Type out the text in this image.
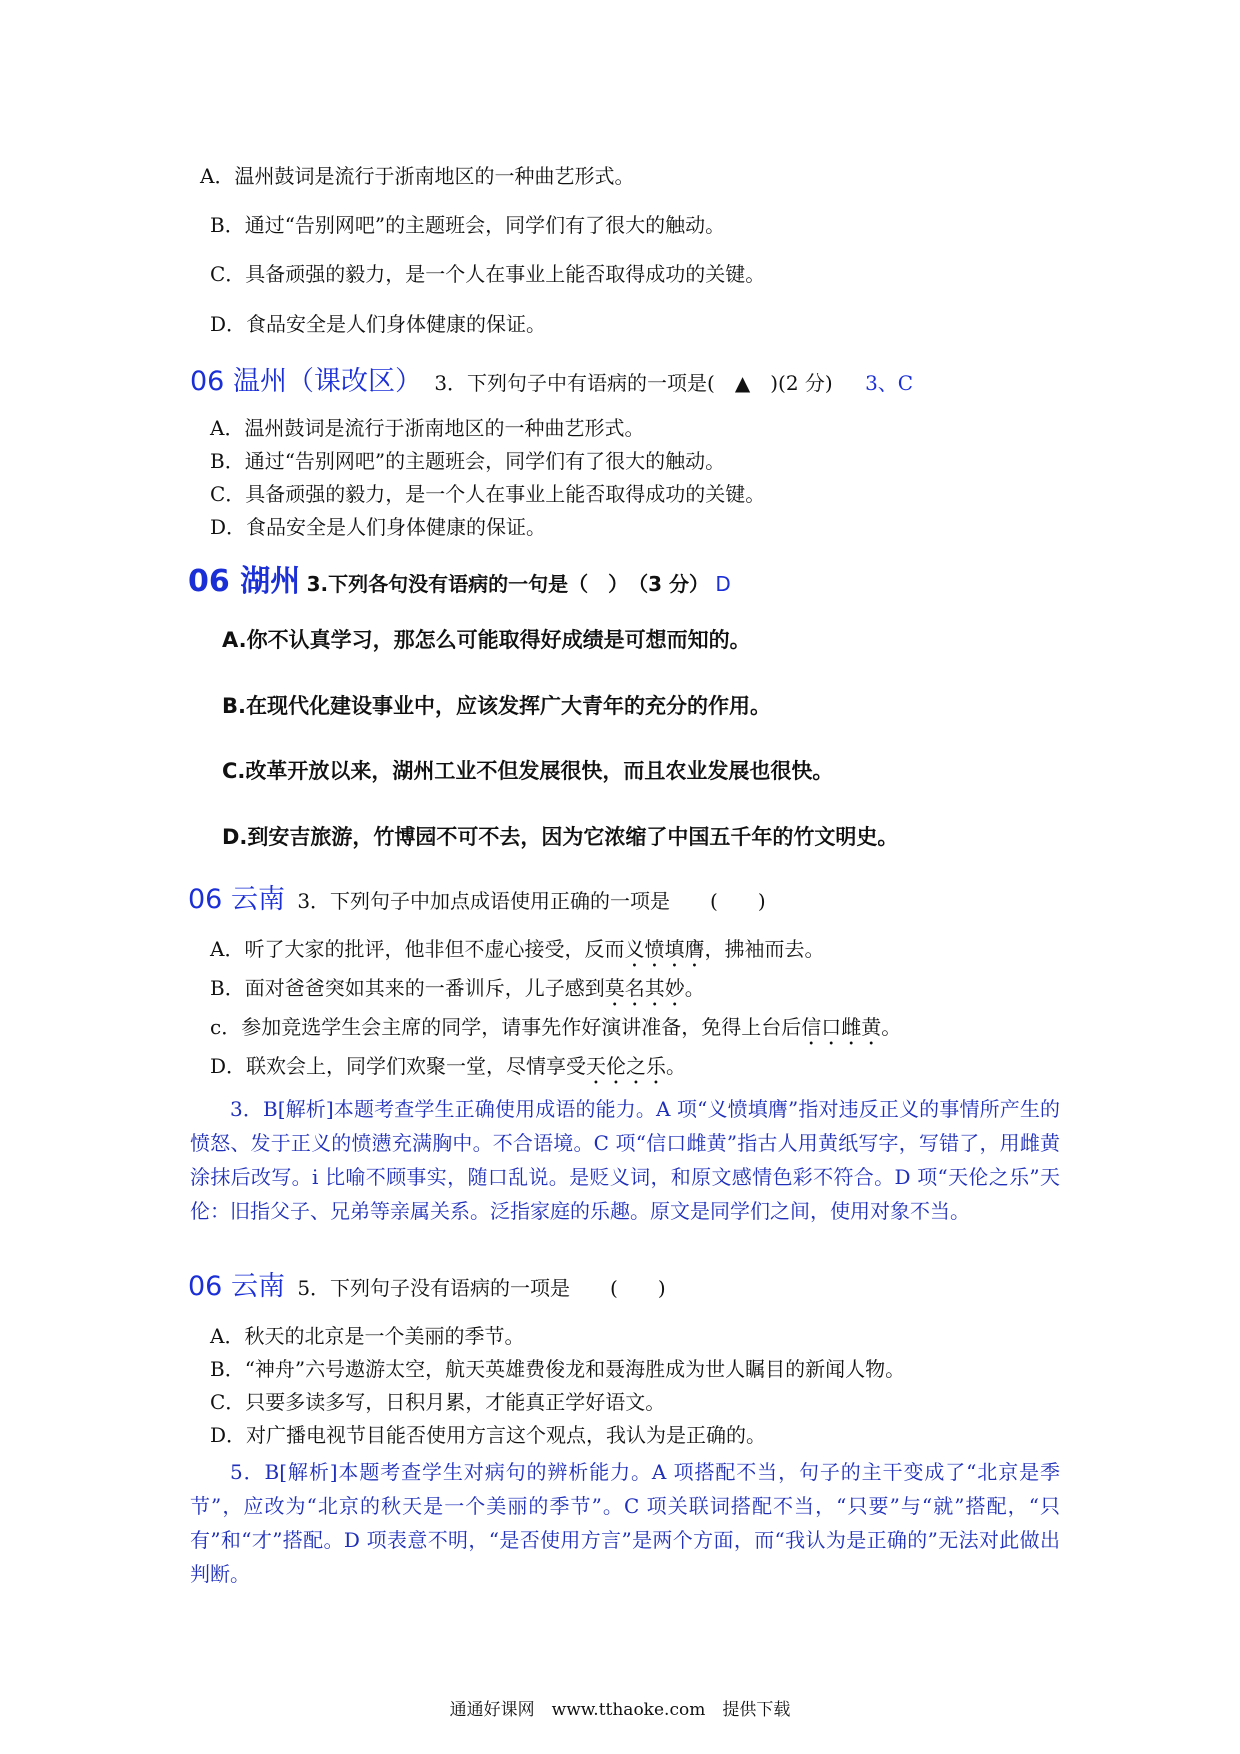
A．温州鼓词是流行于浙南地区的一种曲艺形式。
B．通过“告别网吧”的主题班会，同学们有了很大的触动。
C．具备顽强的毅力，是一个人在事业上能否取得成功的关键。
D．食品安全是人们身体健康的保证。
06 温州（课改区） 3．下列句子中有语病的一项是(　▲　)(2 分) 3、C
A．温州鼓词是流行于浙南地区的一种曲艺形式。
B．通过“告别网吧”的主题班会，同学们有了很大的触动。
C．具备顽强的毅力，是一个人在事业上能否取得成功的关键。
D．食品安全是人们身体健康的保证。
06 湖州 3.下列各句没有语病的一句是（　）　（3 分） D
A.你不认真学习，那怎么可能取得好成绩是可想而知的。
B.在现代化建设事业中，应该发挥广大青年的充分的作用。
C.改革开放以来，湖州工业不但发展很快，而且农业发展也很快。
D.到安吉旅游，竹博园不可不去，因为它浓缩了中国五千年的竹文明史。
06 云南 3．下列句子中加点成语使用正确的一项是　　(　　)
A．听了大家的批评，他非但不虚心接受，反而义愤填膺，拂袖而去。
B．面对爸爸突如其来的一番训斥，儿子感到莫名其妙。
c．参加竞选学生会主席的同学，请事先作好演讲准备，免得上台后信口雌黄。
D．联欢会上，同学们欢聚一堂，尽情享受天伦之乐。
3．B[解析]本题考查学生正确使用成语的能力。A 项“义愤填膺”指对违反正义的事情所产生的愤怒、发于正义的愤懑充满胸中。不合语境。C 项“信口雌黄”指古人用黄纸写字，写错了，用雌黄涂抹后改写。i 比喻不顾事实，随口乱说。是贬义词，和原文感情色彩不符合。D 项“天伦之乐”天伦：旧指父子、兄弟等亲属关系。泛指家庭的乐趣。原文是同学们之间，使用对象不当。
06 云南 5．下列句子没有语病的一项是　　(　　)
A．秋天的北京是一个美丽的季节。
B．“神舟”六号遨游太空，航天英雄费俊龙和聂海胜成为世人瞩目的新闻人物。
C．只要多读多写，日积月累，才能真正学好语文。
D．对广播电视节目能否使用方言这个观点，我认为是正确的。
5．B[解析]本题考查学生对病句的辨析能力。A 项搭配不当，句子的主干变成了“北京是季节”，应改为“北京的秋天是一个美丽的季节”。C 项关联词搭配不当，“只要”与“就”搭配，“只有”和“才”搭配。D 项表意不明，“是否使用方言”是两个方面，而“我认为是正确的”无法对此做出判断。
通通好课网　www.tthaoke.com　提供下载
